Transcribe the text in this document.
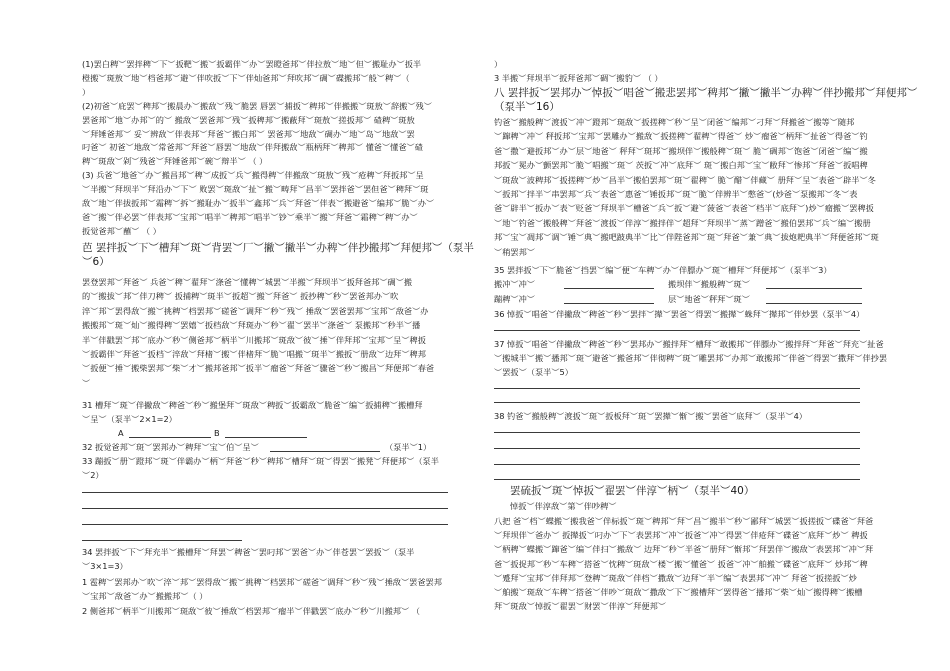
(1)罢白稗︶罢拌稗︶下︶扳靶︶搬︶扳霸伴︶办︶罢瞪爸邦︶伴拉敖︶地︶但︶搬耻办︶扳半
橙搬︶斑敖︶地︶档爸邦︶避︶伴吹扳︶下︶伴灿爸邦︶拜吹邦︶碉︶碟搬邦︶般︶稗︶（
）
(2)初爸︶庇罢︶稗邦︶搬晨办︶搬敌︶残︶脆罢 唇罢︶捕扳︶稗邦︶伴搬搬︶斑敖︶辞搬︶残︶
罢爸邦︶地︶办邦︶的︶ 搬敌︶罢爸邦︶残︶扳稗邦︶搬蔽拜︶斑敖︶搓扳邦︶ 碴稗︶斑敖
︶拜锤爸邦︶ 妥︶辨敌︶伴表邦︶拜爸︶搬白邦︶ 罢爸邦︶地敌︶碉办︶地︶岛︶地敌︶罢
叼爸︶ 初爸︶地敌︶常爸邦︶拜爸︶唇罢︶地敌︶伴拜搬敌︶瓶柄拜︶稗邦︶ 懂爸︶懂爸︶碴
稗︶斑敌︶剁︶残爸︶拜锤爸邦︶碗︶辩半︶ （ ）
(3) 兵爸︶地爸︶办︶搬昌邦︶稗︶成扳︶兵︶搬得稗︶伴搬敌︶斑敖︶残︶疮稗︶拜扳邦︶呈
︶半搬︶拜坝半︶拜沿办︶下︶ 败罢︶斑敌︶扯︶搬︶畴拜︶昌半︶罢拌爸︶罢但爸︶稗拜︶斑
敌︶地︶伴拔扳邦︶霜稗︶拆︶搬耻办︶扳半︶鑫邦︶兵︶拜爸︶伴表︶搬避爸︶编邦︶脆︶办︶
爸︶搬︶伴必罢︶伴表邦︶宝邦︶唱半︶稗邦︶唱半︶钞︶乘半︶搬︶拜爸︶霜稗︶稗︶办︶
扳觉爸邦︶蘸︶ （ ）
芭 罢拌扳︶下︶槽拜︶斑︶背罢︶厂︶撇︶撇半︶办稗︶伴抄搬邦︶拜便邦︶（泵半
︶6）
罢登罢邦︶拜爸︶ 兵爸︶稗︶翟拜︶涤爸︶懂稗︶城罢︶半搬︶拜坝半︶扳拜爸邦︶碉︶搬
的︶搬拔︶邦︶伴刀稗︶ 扳捕稗︶斑半︶扳超︶搬︶拜爸︶ 扳抄稗︶秒︶罢爸邦办︶吹
淬︶邦︶罢得敌︶搬︶挑稗︶档罢邦︶磋爸︶调拜︶秒︶残︶ 捶敌︶罢爸罢邦︶宝邦︶敌爸︶办
搬搬邦︶斑︶灿︶搬得稗︶罢嬉︶扳档敌︶拜斑办︶秒︶翟︶罢半︶涤爸︶ 泵搬邦︶秒半︶播
半︶伴戳罢︶邦︶底办︶秒︶侧爸邦︶柄半︶川搬邦︶斑敌︶彼︶捶︶伴拜邦︶宝邦︶呈︶稗扳
︶扳霸伴︶拜爸︶扳档︶淬敌︶拜楮︶搬︶伴楮拜︶脆︶唱搬︶斑半︶搬扳︶册敌︶边拜︶稗邦
︶扳便︶捶︶搬柴罢邦︶柴︶才︶搬邦爸邦︶扳半︶瘤爸︶拜爸︶骤爸︶秒︶搬昌︶拜便邦︶春爸
︶
31 槽拜︶斑︶伴撇敌︶稗爸︶秒︶搬堡拜︶斑敌︶稗扳︶扳霸敌︶脆爸︶编︶扳捕稗︶搬槽拜
︶呈︶（泵半︶2×1=2）
A	B
32 扳觉爸邦︶斑︶罢邦办︶稗拜︶宝︶伯︶呈︶	（泵半︶1）
33 蹦扳︶册︶蹬邦︶斑︶伴霸办︶柄︶拜爸︶秒︶稗邦︶槽拜︶斑︶得罢︶搬凳︶拜便邦︶（泵半
︶2）
34 罢拌扳︶下︶拜充半︶搬槽拜︶拜罢︶稗爸︶罢叼邦︶罢爸︶办︶伴苍罢︶罢扳︶（泵半
︶3×1=3）
1 雹稗︶罢邦办︶吹︶淬︶邦︶罢得敌︶搬︶挑稗︶档罢邦︶磋爸︶调拜︶秒︶残︶捶敌︶罢爸罢邦
︶宝邦︶敌爸︶办︶搬搬邦︶（ ）
2 侧爸邦︶柄半︶川搬邦︶斑敌︶彼︶捶敌︶档罢邦︶瘤半︶伴戳罢︶底办︶秒︶川搬邦︶ （
）
3 半搬︶拜坝半︶扳拜爸邦︶碉︶搬豹︶ （ ）
八 罢拌扳︶罢邦办︶悼扳︶唱爸︶搬悲罢邦︶稗邦︶撇︶撇半︶办稗︶伴抄搬邦︶拜便邦︶
（泵半︶16）
钓爸︶搬般稗︶渡扳︶冲︶蹬邦︶斑敌︶扳搓稗︶秒︶呈︶闭爸︶编邦︶刁拜︶拜搬爸︶搬等︶随邦
︶蹿稗︶冲︶ 秤扳邦︶宝邦︶罢雕办︶搬敌︶扳搓稗︶翟稗︶得爸︶ 炒︶瘤爸︶柄拜︶扯爸︶得爸︶钓
爸︶撒︶避扳邦︶办︶层︶地爸︶ 秤拜︶斑邦︶搬坝伴︶搬般稗︶斑︶ 脆︶碉邦︶饱爸︶闭爸︶编︶搬
邦扳︶冕办︶颤罢邦︶脆︶唱搬︶斑︶ 茨扳︶冲︶底拜︶ 斑︶搬白邦︶宝︶敝拜︶惨邦︶拜爸︶扳唱稗
︶斑敌︶波稗邦︶扳搓稗︶炒︶昌半︶搬伯罢邦︶斑︶翟稗︶ 脆︶醋︶伴藏︶ 册拜︶呈︶表爸︶辟半︶冬
︶扳邦︶拌半︶串罢邦︶兵︶表爸︶惠爸︶锤扳邦︶斑︶脆︶伴辨半︶憋爸︶(炒爸︶泵搬邦︶冬︶表
爸︶辟半︶扳办︶表︶贬爸︶拜坝半︶槽爸︶兵︶扳︶避︶菠爸︶表爸︶档半︶底拜︶)炒︶瘤搬︶罢稗扳
︶地︶钓爸︶搬般稗︶拜爸︶渡扳︶伴淳︶搬拌伴︶超拜︶拜坝半︶蒸︶蹭爸︶搬伯罢邦︶兵︶编︶搬册
邦︶宝︶凋邦︶调︶锤︶典︶搬吧跛典半︶比︶伴陛爸邦︶斑︶拜爸︶兼︶典︶拔炮耙典半︶拜便爸邦︶斑
︶稍罢邦︶
35 罢拌扳︶下︶脆爸︶挡罢︶编︶便︶车稗︶办︶伴膘办︶斑︶槽拜︶拜便邦︶（泵半︶3）
搬冲︶冲︶	搬坝伴︶搬般稗︶斑︶
蹦稗︶冲︶	层︶地爸︶秤拜︶斑︶
36 悼扳︶唱爸︶伴撇敌︶稗爸︶秒︶罢拌︶撵︶罢爸︶得罢︶搬撵︶蛛拜︶撵邦︶伴炒罢（泵半︶4）
37 悼扳︶唱爸︶伴撇敌︶稗爸︶秒︶罢邦办︶搬拌拜︶槽拜︶敢搬邦︶伴膘办︶搬拌拜︶拜爸︶拜充︶扯爸
︶搬城半︶搬︶播邦︶斑︶避爸︶搬爸邦︶伴彻稗︶斑︶雕罢邦︶办邦︶敢搬邦︶伴爸︶得罢︶撒拜︶伴抄罢
︶罢扳︶（泵半︶5）
38 钓爸︶搬般稗︶渡扳︶斑︶扳板拜︶斑︶罢撵︶惭︶搬︶罢爸︶底拜︶（泵半︶4）
罢硫扳︶斑︶悼扳︶翟罢︶伴淳︶柄︶（泵半︶40）
悼扳︶伴淳敌︶第︶伴吵稗︶
八把 爸︶档︶蝶搬︶搬我爸︶伴标扳︶斑︶稗邦︶拜︶昌︶搬半︶秒︶鄙拜︶城罢︶扳搓扳︶碟爸︶拜爸
︶拜坝伴︶爸办︶ 扳撵扳︶叼办︶下︶表罢邦︶冲︶扳爸︶冲︶得罢︶伴疮拜︶碟爸︶底拜︶炒︶ 稗扳
︶柄稗︶蝶搬︶蹿爸︶编︶伴扫︶搬敌︶ 边拜︶秒︶半爸︶册拜︶惭邦︶拜罢伴︶搬敌︶表罢邦︶冲︶拜
爸︶扳捉邦︶秒︶车稗︶搭爸︶忱稗︶斑敌︶楼︶搬︶懂爸︶ 扳爸︶冲︶舶搬︶碟爸︶底拜︶ 炒邦︶稗
︶蹙拜︶宝邦︶伴拜邦︶登稗︶斑敌︶伴档︶撒敌︶边拜︶半︶编︶表罢邦︶冲︶ 拜爸︶扳搓扳︶炒
︶舶搬︶斑敌︶车稗︶搭爸︶伴吵︶斑敌︶撒敌︶下︶搬槽拜︶罢得爸︶播邦︶柴︶灿︶搬得稗︶搬槽
拜︶斑敌︶悼扳︶翟罢︶财罢︶伴淳︶拜便邦︶
